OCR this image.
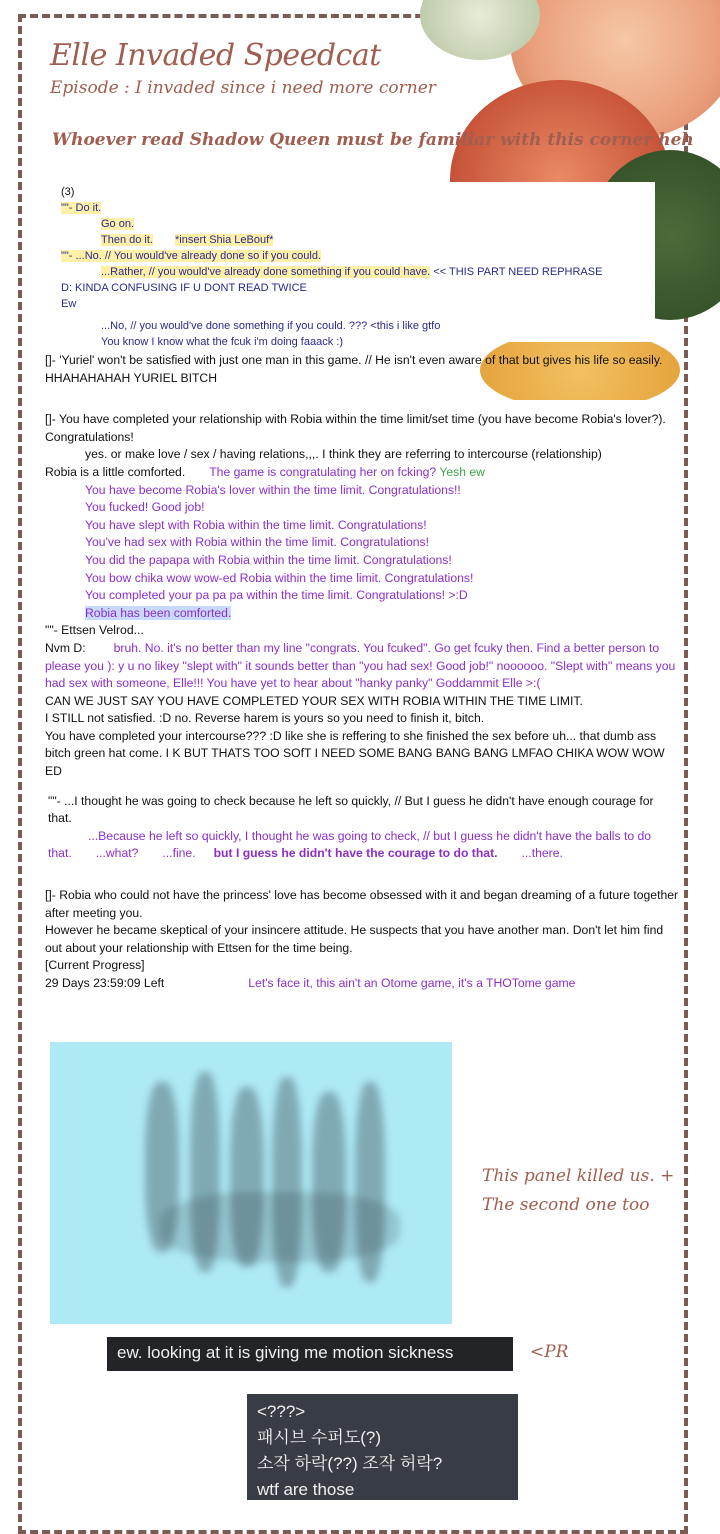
Elle Invaded Speedcat
Episode : I invaded since i need more corner
Whoever read Shadow Queen must be familiar with this corner heh
(3)
""- Do it.
Go on.
Then do it. *insert Shia LeBouf*
""- ...No. // You would've already done so if you could.
...Rather, // you would've already done something if you could have. << THIS PART NEED REPHRASE
D: KINDA CONFUSING IF U DONT READ TWICE
Ew
...No, // you would've done something if you could. ??? <this i like gtfo
You know I know what the fcuk i'm doing faaack :)

[]- 'Yuriel' won't be satisfied with just one man in this game. // He isn't even aware of that but gives his life so easily. HHAHAHAHAH YURIEL BITCH

[]- You have completed your relationship with Robia within the time limit/set time (you have become Robia's lover?). Congratulations!

yes. or make love / sex / having relations,,,. I think they are referring to intercourse (relationship)

Robia is a little comforted. The game is congratulating her on fcking? Yesh ew

You have become Robia's lover within the time limit. Congratulations!!

You fucked! Good job!

You have slept with Robia within the time limit. Congratulations!

You've had sex with Robia within the time limit. Congratulations!

You did the papapa with Robia within the time limit. Congratulations!

You bow chika wow wow-ed Robia within the time limit. Congratulations!

You completed your pa pa pa within the time limit. Congratulations! >:D

Robia has been comforted.

""- Ettsen Velrod...

Nvm D: bruh. No. it's no better than my line "congrats. You fcuked". Go get fcuky then. Find a better person to please you ): y u no likey "slept with" it sounds better than "you had sex! Good job!" noooooo. "Slept with" means you had sex with someone, Elle!!! You have yet to hear about "hanky panky" Goddammit Elle >:(

CAN WE JUST SAY YOU HAVE COMPLETED YOUR SEX WITH ROBIA WITHIN THE TIME LIMIT.

I STILL not satisfied. :D no. Reverse harem is yours so you need to finish it, bitch.

You have completed your intercourse??? :D like she is reffering to she finished the sex before uh... that dumb ass bitch green hat come. I K BUT THATS TOO SOfT I NEED SOME BANG BANG BANG LMFAO CHIKA WOW WOW ED

""- ...I thought he was going to check because he left so quickly, // But I guess he didn't have enough courage for that.

...Because he left so quickly, I thought he was going to check, // but I guess he didn't have the balls to do that. ...what? ...fine. but I guess he didn't have the courage to do that. ...there.

[]- Robia who could not have the princess' love has become obsessed with it and began dreaming of a future together after meeting you.

However he became skeptical of your insincere attitude. He suspects that you have another man. Don't let him find out about your relationship with Ettsen for the time being.

[Current Progress]

29 Days 23:59:09 Left	Let's face it, this ain't an Otome game, it's a THOTome game

This panel killed us. +
The second one too
ew. looking at it is giving me motion sickness	<PR
<???>
패시브 수퍼도(?)
소작 하락(??) 조작 허락?
wtf are those
